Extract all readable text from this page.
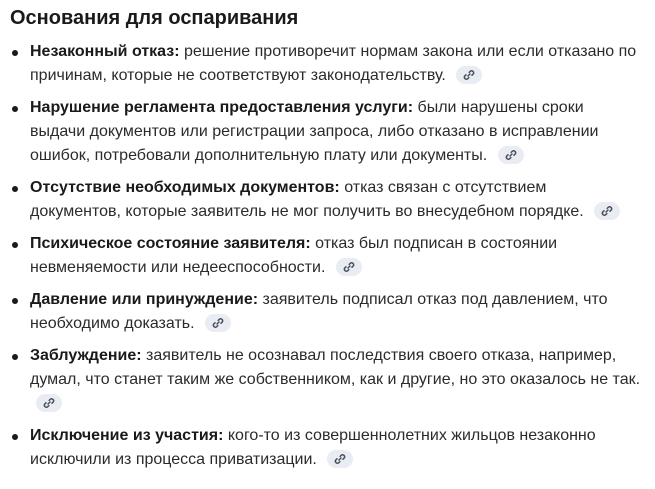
Основания для оспаривания
Незаконный отказ: решение противоречит нормам закона или если отказано по причинам, которые не соответствуют законодательству.
Нарушение регламента предоставления услуги: были нарушены сроки выдачи документов или регистрации запроса, либо отказано в исправлении ошибок, потребовали дополнительную плату или документы.
Отсутствие необходимых документов: отказ связан с отсутствием документов, которые заявитель не мог получить во внесудебном порядке.
Психическое состояние заявителя: отказ был подписан в состоянии невменяемости или недееспособности.
Давление или принуждение: заявитель подписал отказ под давлением, что необходимо доказать.
Заблуждение: заявитель не осознавал последствия своего отказа, например, думал, что станет таким же собственником, как и другие, но это оказалось не так.
Исключение из участия: кого-то из совершеннолетних жильцов незаконно исключили из процесса приватизации.
